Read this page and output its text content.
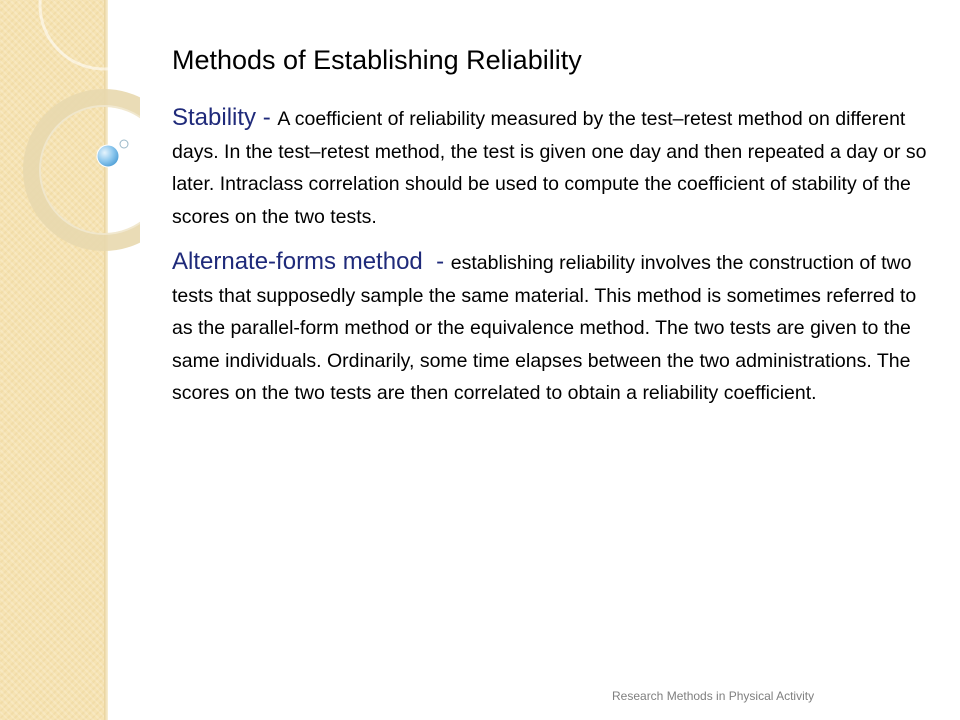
Methods of Establishing Reliability

Stability - A coefficient of reliability measured by the test–retest method on different days. In the test–retest method, the test is given one day and then repeated a day or so later. Intraclass correlation should be used to compute the coefficient of stability of the scores on the two tests.

Alternate-forms method  - establishing reliability involves the construction of two tests that supposedly sample the same material. This method is sometimes referred to as the parallel-form method or the equivalence method. The two tests are given to the same individuals. Ordinarily, some time elapses between the two administrations. The scores on the two tests are then correlated to obtain a reliability coefficient.

Research Methods in Physical Activity
